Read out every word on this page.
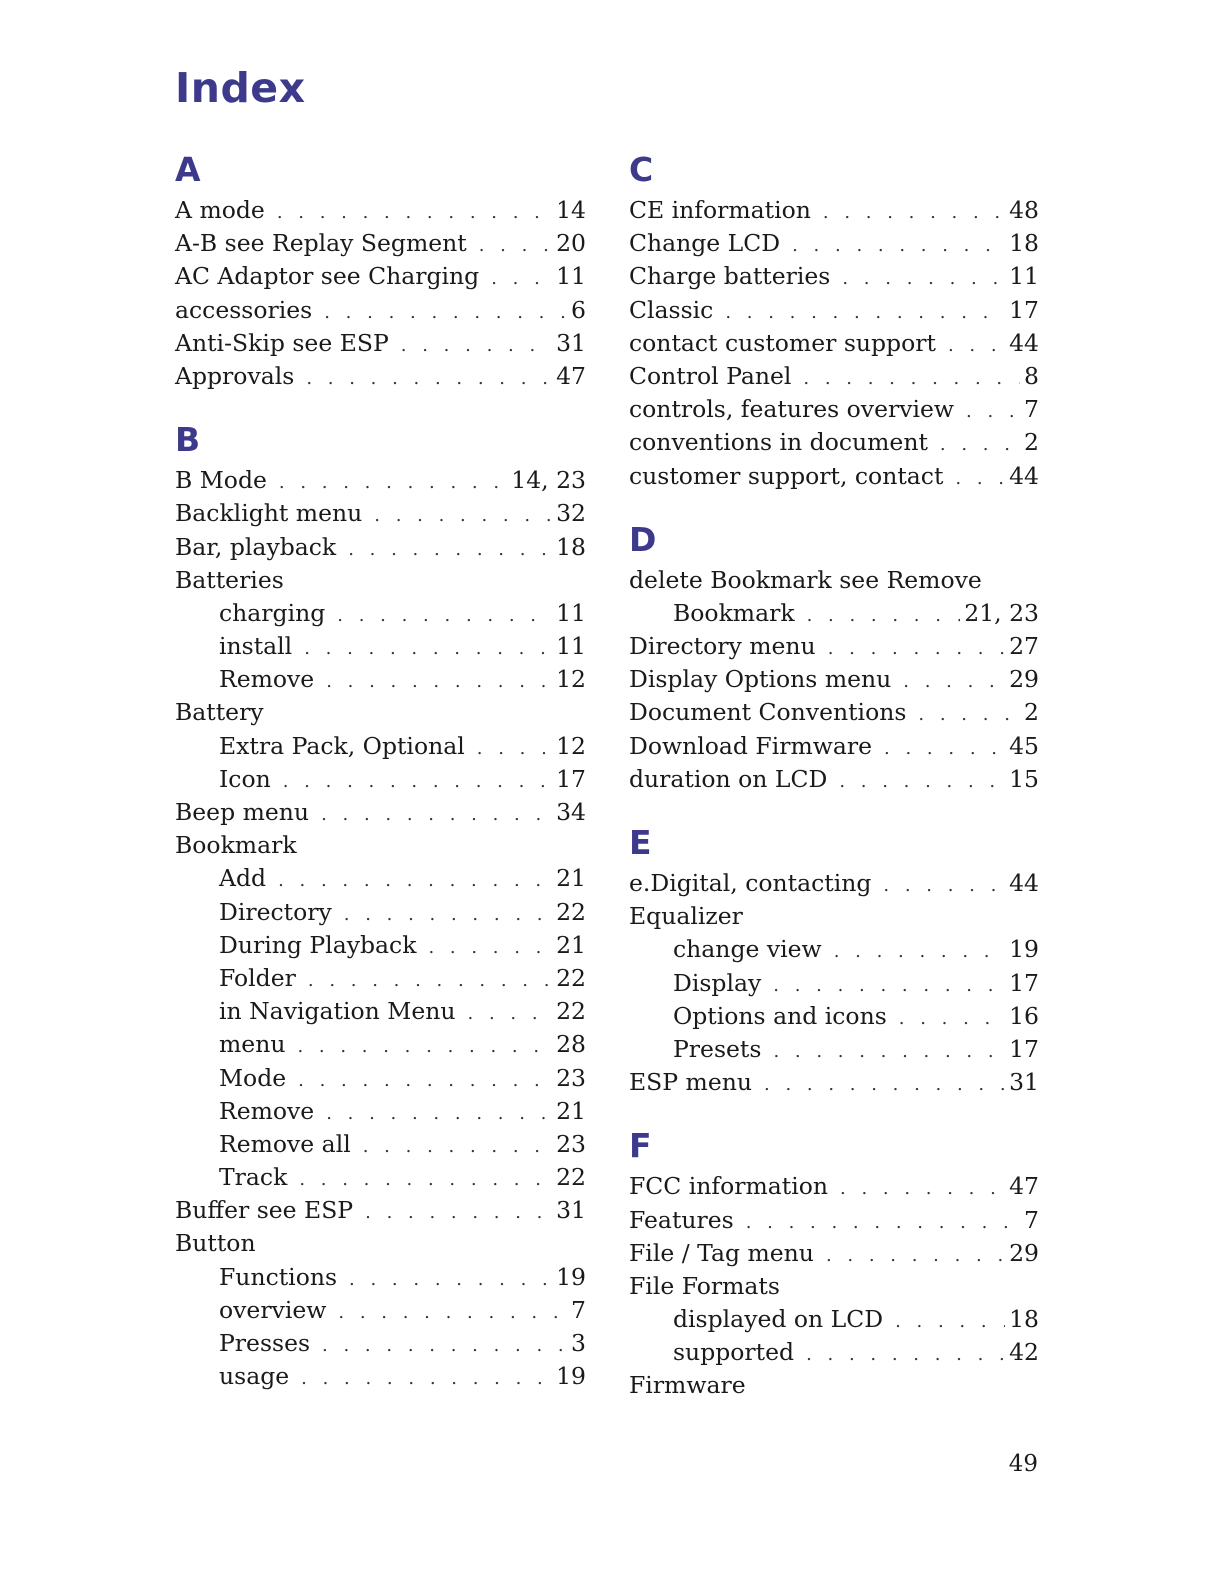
Index
A
A mode . . .	14
A-B see Replay Segment . . .	20
AC Adaptor see Charging . . .	11
accessories . . .	6
Anti-Skip see ESP . . .	31
Approvals . . .	47
B
B Mode . . .	14, 23
Backlight menu . . .	32
Bar, playback . . .	18
Batteries
charging . . .	11
install . . .	11
Remove . . .	12
Battery
Extra Pack, Optional . . .	12
Icon . . .	17
Beep menu . . .	34
Bookmark
Add . . .	21
Directory . . .	22
During Playback . . .	21
Folder . . .	22
in Navigation Menu . . .	22
menu . . .	28
Mode . . .	23
Remove . . .	21
Remove all . . .	23
Track . . .	22
Buffer see ESP . . .	31
Button
Functions . . .	19
overview . . .	7
Presses . . .	3
usage . . .	19
C
CE information . . .	48
Change LCD . . .	18
Charge batteries . . .	11
Classic . . .	17
contact customer support . . .	44
Control Panel . . .	8
controls, features overview . . .	7
conventions in document . . .	2
customer support, contact . . .	44
D
delete Bookmark see Remove
Bookmark . . .	21, 23
Directory menu . . .	27
Display Options menu . . .	29
Document Conventions . . .	2
Download Firmware . . .	45
duration on LCD . . .	15
E
e.Digital, contacting . . .	44
Equalizer
change view . . .	19
Display . . .	17
Options and icons . . .	16
Presets . . .	17
ESP menu . . .	31
F
FCC information . . .	47
Features . . .	7
File / Tag menu . . .	29
File Formats
displayed on LCD . . .	18
supported . . .	42
Firmware
49
